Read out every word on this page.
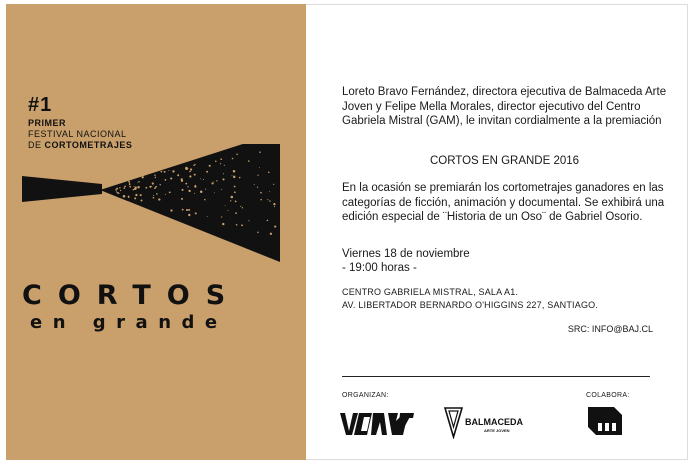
#1
PRIMER
FESTIVAL NACIONAL
DE CORTOMETRAJES
CORTOS
en grande
Loreto Bravo Fernández, directora ejecutiva de Balmaceda Arte Joven y Felipe Mella Morales, director ejecutivo del Centro Gabriela Mistral (GAM), le invitan cordialmente a la premiación
CORTOS EN GRANDE 2016
En la ocasión se premiarán los cortometrajes ganadores en las categorías de ficción, animación y documental. Se exhibirá una edición especial de ¨Historia de un Oso¨ de Gabriel Osorio.
Viernes 18 de noviembre
- 19:00 horas -
CENTRO GABRIELA MISTRAL, SALA A1.
AV. LIBERTADOR BERNARDO O'HIGGINS 227, SANTIAGO.
SRC: INFO@BAJ.CL
ORGANIZAN:	COLABORA:
BALMACEDA
ARTE JOVEN
